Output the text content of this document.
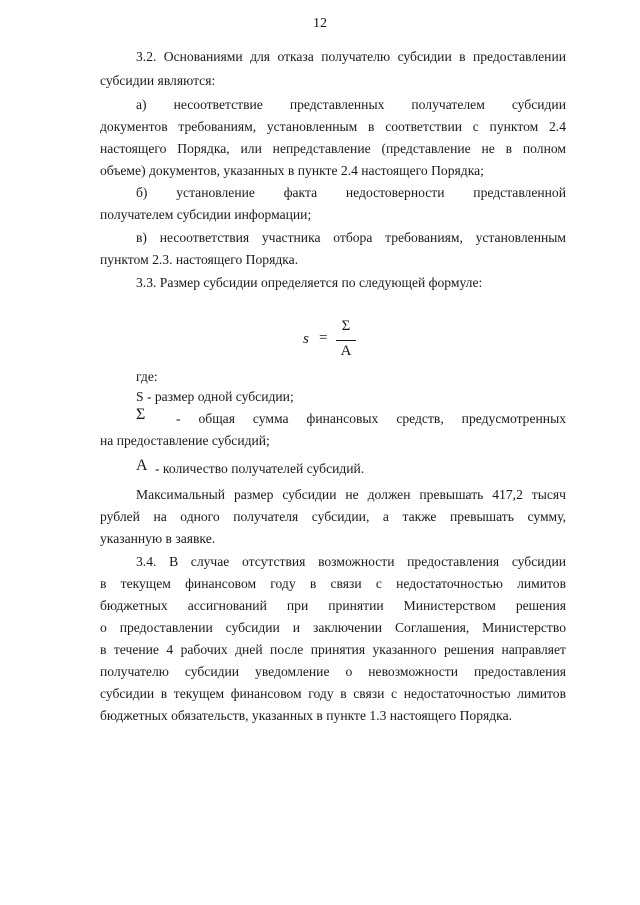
12
3.2. Основаниями для отказа получателю субсидии в предоставлении
субсидии являются:
а) несоответствие представленных получателем субсидии
документов требованиям, установленным в соответствии с пунктом 2.4
настоящего Порядка, или непредставление (представление не в полном
объеме) документов, указанных в пункте 2.4 настоящего Порядка;
б) установление факта недостоверности представленной
получателем субсидии информации;
в) несоответствия участника отбора требованиям, установленным
пунктом 2.3. настоящего Порядка.
3.3. Размер субсидии определяется по следующей формуле:
где:
S - размер одной субсидии;
- общая сумма финансовых средств, предусмотренных
на предоставление субсидий;
- количество получателей субсидий.
Максимальный размер субсидии не должен превышать 417,2 тысяч
рублей на одного получателя субсидии, а также превышать сумму,
указанную в заявке.
3.4. В случае отсутствия возможности предоставления субсидии
в текущем финансовом году в связи с недостаточностью лимитов
бюджетных ассигнований при принятии Министерством решения
о предоставлении субсидии и заключении Соглашения, Министерство
в течение 4 рабочих дней после принятия указанного решения направляет
получателю субсидии уведомление о невозможности предоставления
субсидии в текущем финансовом году в связи с недостаточностью лимитов
бюджетных обязательств, указанных в пункте 1.3 настоящего Порядка.
s =
Σ
А
Σ
А
